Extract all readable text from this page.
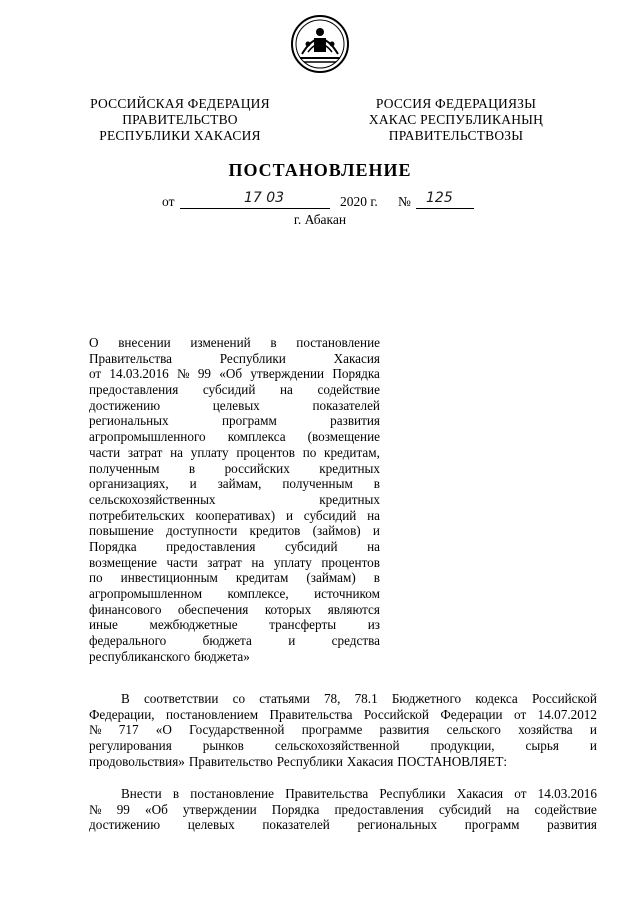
РОССИЙСКАЯ ФЕДЕРАЦИЯ
ПРАВИТЕЛЬСТВО
РЕСПУБЛИКИ ХАКАСИЯ
РОССИЯ ФЕДЕРАЦИЯЗЫ
ХАКАС РЕСПУБЛИКАНЫҢ
ПРАВИТЕЛЬСТВОЗЫ
ПОСТАНОВЛЕНИЕ
от	17 03	2020 г. № 125
г. Абакан
О внесении изменений в постановление
Правительства	Республики	Хакасия
от 14.03.2016 № 99 «Об утверждении Порядка
предоставления субсидий на содействие
достижению	целевых	показателей
региональных	программ	развития
агропромышленного комплекса (возмещение
части затрат на уплату процентов по кредитам,
полученным в российских кредитных
организациях, и займам, полученным в
сельскохозяйственных	кредитных
потребительских кооперативах) и субсидий на
повышение доступности кредитов (займов) и
Порядка предоставления субсидий на
возмещение части затрат на уплату процентов
по инвестиционным кредитам (займам) в
агропромышленном комплексе, источником
финансового обеспечения которых являются
иные межбюджетные трансферты из
федерального	бюджета	и	средства
республиканского бюджета»
В соответствии со статьями 78, 78.1 Бюджетного кодекса Российской
Федерации, постановлением Правительства Российской Федерации от 14.07.2012
№ 717 «О Государственной программе развития сельского хозяйства и
регулирования рынков сельскохозяйственной продукции, сырья и
продовольствия» Правительство Республики Хакасия ПОСТАНОВЛЯЕТ:
Внести в постановление Правительства Республики Хакасия от 14.03.2016
№ 99 «Об утверждении Порядка предоставления субсидий на содействие
достижению целевых показателей региональных программ развития
